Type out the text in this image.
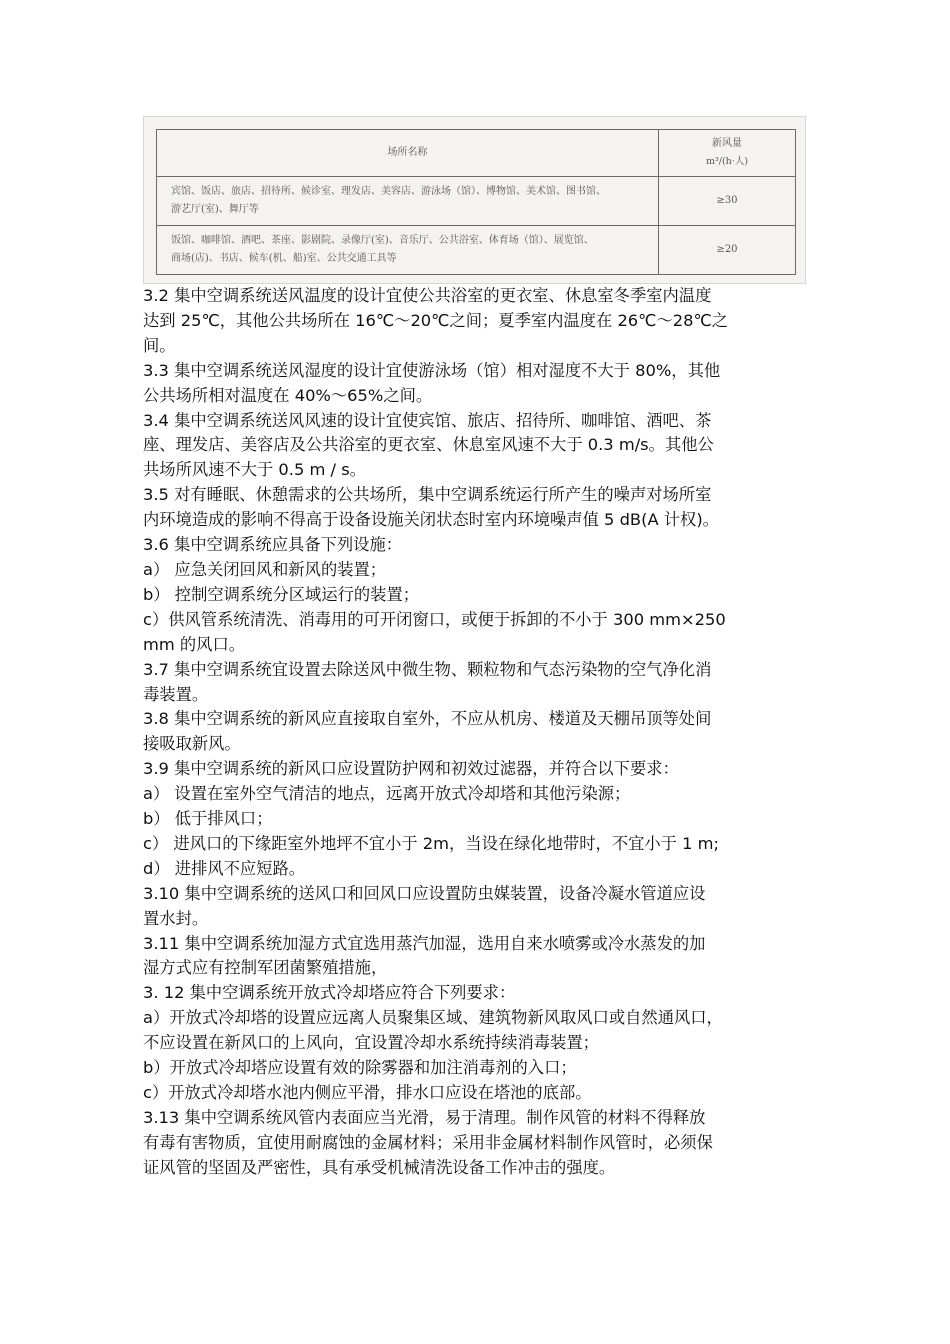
场所名称	新风量
m³/(h·人)

宾馆、饭店、旅店、招待所、候诊室、理发店、美容店、游泳场（馆）、博物馆、美术馆、图书馆、
游艺厅(室)、舞厅等	≥30

饭馆、咖啡馆、酒吧、茶座、影剧院、录像厅(室)、音乐厅、公共浴室、体育场（馆）、展览馆、
商场(店)、书店、候车(机、船)室、公共交通工具等	≥20

3.2 集中空调系统送风温度的设计宜使公共浴室的更衣室、休息室冬季室内温度

达到 25℃，其他公共场所在 16℃～20℃之间；夏季室内温度在 26℃～28℃之

间。

3.3 集中空调系统送风湿度的设计宜使游泳场（馆）相对湿度不大于 80%，其他

公共场所相对温度在 40%～65%之间。

3.4 集中空调系统送风风速的设计宜使宾馆、旅店、招待所、咖啡馆、酒吧、茶

座、理发店、美容店及公共浴室的更衣室、休息室风速不大于 0.3 m/s。其他公

共场所风速不大于 0.5 m / s。

3.5 对有睡眠、休憩需求的公共场所，集中空调系统运行所产生的噪声对场所室

内环境造成的影响不得高于设备设施关闭状态时室内环境噪声值 5 dB(A 计权)。

3.6 集中空调系统应具备下列设施：

a） 应急关闭回风和新风的装置；

b） 控制空调系统分区域运行的装置；

c）供风管系统清洗、消毒用的可开闭窗口，或便于拆卸的不小于 300 mm×250

mm 的风口。

3.7 集中空调系统宜设置去除送风中微生物、颗粒物和气态污染物的空气净化消

毒装置。

3.8 集中空调系统的新风应直接取自室外，不应从机房、楼道及天棚吊顶等处间

接吸取新风。

3.9 集中空调系统的新风口应设置防护网和初效过滤器，并符合以下要求：

a） 设置在室外空气清洁的地点，远离开放式冷却塔和其他污染源；

b） 低于排风口；

c） 进风口的下缘距室外地坪不宜小于 2m，当设在绿化地带时，不宜小于 1 m;

d） 进排风不应短路。

3.10 集中空调系统的送风口和回风口应设置防虫媒装置，设备冷凝水管道应设

置水封。

3.11 集中空调系统加湿方式宜选用蒸汽加湿，选用自来水喷雾或冷水蒸发的加

湿方式应有控制军团菌繁殖措施，

3. 12 集中空调系统开放式冷却塔应符合下列要求：

a）开放式冷却塔的设置应远离人员聚集区域、建筑物新风取风口或自然通风口，

不应设置在新风口的上风向，宜设置冷却水系统持续消毒装置；

b）开放式冷却塔应设置有效的除雾器和加注消毒剂的入口；

c）开放式冷却塔水池内侧应平滑，排水口应设在塔池的底部。

3.13 集中空调系统风管内表面应当光滑，易于清理。制作风管的材料不得释放

有毒有害物质，宜使用耐腐蚀的金属材料；采用非金属材料制作风管时，必须保

证风管的坚固及严密性，具有承受机械清洗设备工作冲击的强度。
